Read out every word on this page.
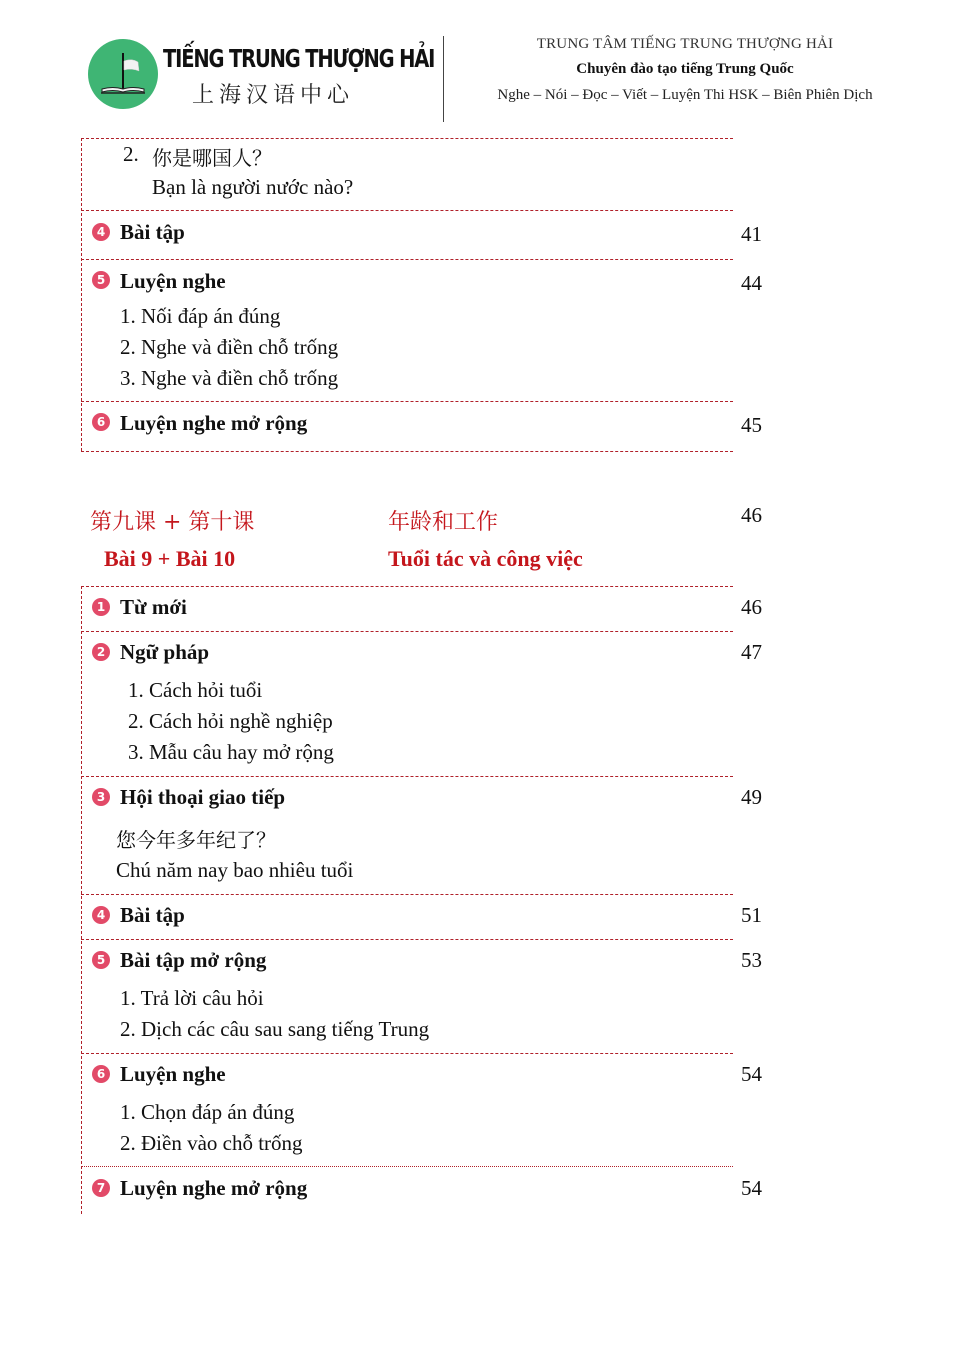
TIẾNG TRUNG THƯỢNG HẢI
上海汉语中心
TRUNG TÂM TIẾNG TRUNG THƯỢNG HẢI
Chuyên đào tạo tiếng Trung Quốc
Nghe – Nói – Đọc – Viết – Luyện Thi HSK – Biên Phiên Dịch
2. 你是哪国人？
Bạn là người nước nào?
4 Bài tập	41
5 Luyện nghe	44
1. Nối đáp án đúng
2. Nghe và điền chỗ trống
3. Nghe và điền chỗ trống
6 Luyện nghe mở rộng	45
第九课 + 第十课	年龄和工作	46
Bài 9 + Bài 10	Tuổi tác và công việc
1 Từ mới	46
2 Ngữ pháp	47
1. Cách hỏi tuổi
2. Cách hỏi nghề nghiệp
3. Mẫu câu hay mở rộng
3 Hội thoại giao tiếp	49
您今年多年纪了？
Chú năm nay bao nhiêu tuổi
4 Bài tập	51
5 Bài tập mở rộng	53
1. Trả lời câu hỏi
2. Dịch các câu sau sang tiếng Trung
6 Luyện nghe	54
1. Chọn đáp án đúng
2. Điền vào chỗ trống
7 Luyện nghe mở rộng	54
